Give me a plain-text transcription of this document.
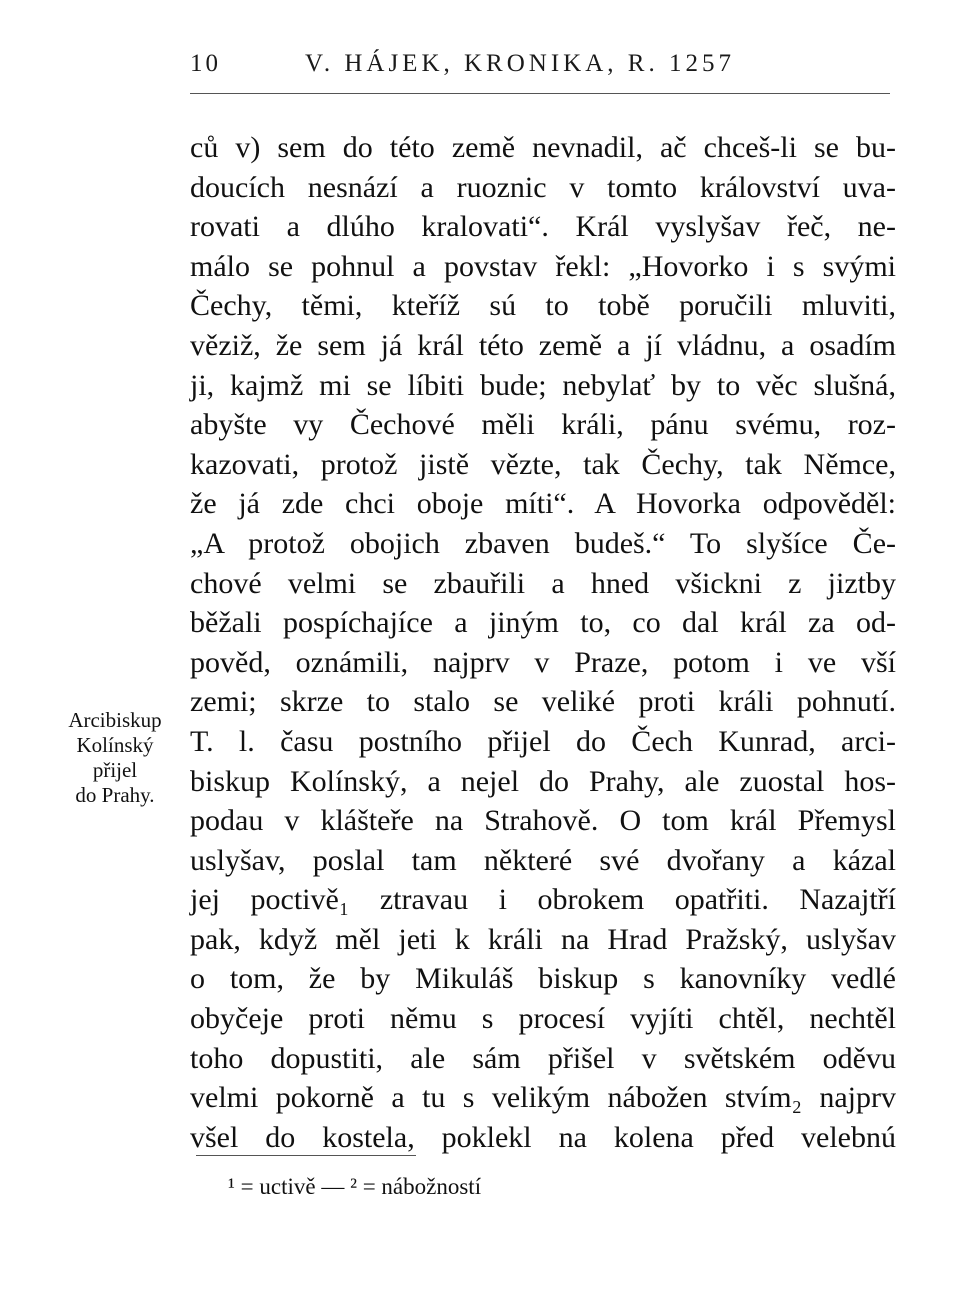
10	V. HÁJEK, KRONIKA, R. 1257
ců v) sem do této země nevnadil, ač chceš-li se bu-
doucích nesnází a ruoznic v tomto království uva-
rovati a dlúho kralovati“. Král vyslyšav řeč, ne-
málo se pohnul a povstav řekl: „Hovorko i s svými
Čechy, těmi, kteříž sú to tobě poručili mluviti,
věziž, že sem já král této země a jí vládnu, a osadím
ji, kajmž mi se líbiti bude; nebylať by to věc slušná,
abyšte vy Čechové měli králi, pánu svému, roz-
kazovati, protož jistě vězte, tak Čechy, tak Němce,
že já zde chci oboje míti“. A Hovorka odpověděl:
„A protož obojich zbaven budeš.“ To slyšíce Če-
chové velmi se zbauřili a hned všickni z jiztby
běžali pospíchajíce a jiným to, co dal král za od-
pověd, oznámili, najprv v Praze, potom i ve vší
zemi; skrze to stalo se veliké proti králi pohnutí.
T. l. času postního přijel do Čech Kunrad, arci-
biskup Kolínský, a nejel do Prahy, ale zuostal hos-
podau v klášteře na Strahově. O tom král Přemysl
uslyšav, poslal tam některé své dvořany a kázal
jej poctivě₁ ztravau i obrokem opatřiti. Nazajtří
pak, když měl jeti k králi na Hrad Pražský, uslyšav
o tom, že by Mikuláš biskup s kanovníky vedlé
obyčeje proti němu s procesí vyjíti chtěl, nechtěl
toho dopustiti, ale sám přišel v světském oděvu
velmi pokorně a tu s velikým nábožen stvím₂ najprv
všel do kostela, poklekl na kolena před velebnú
Arcibiskup
Kolínský
přijel
do Prahy.
¹ = uctivě — ² = nábožností
